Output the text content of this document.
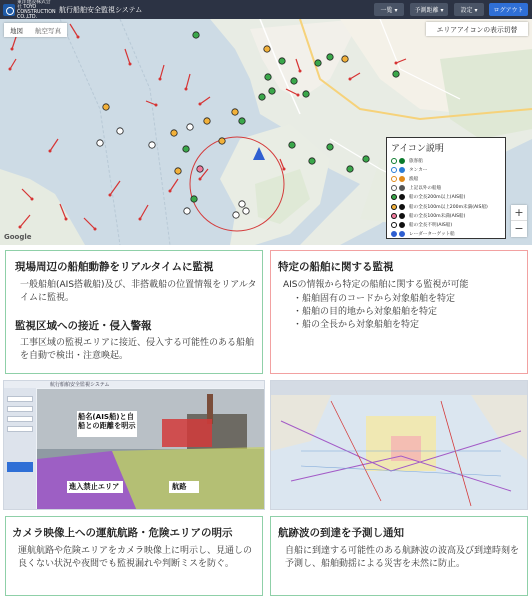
東洋建設株式会社 TOYO CONSTRUCTION CO.,LTD.
航行船舶安全監視システム	一覧 ▾	予測距離 ▾	設定 ▾	ログアウト
地図	航空写真	エリアアイコンの表示切替
アイコン説明
旅客船
タンカー
漁船
上記以外の船舶
船の全長200m以上(AIS船)
船の全長100m以上200m未満(AIS船)
船の全長100m未満(AIS船)
船の全長不明(AIS船)
レーダーターゲット船
+
−
Google
現場周辺の船舶動静をリアルタイムに監視
一般船舶(AIS搭載船)及び、非搭載船の位置情報をリアルタイムに監視。
監視区域への接近・侵入警報
工事区域の監視エリアに接近、侵入する可能性のある船舶を自動で検出・注意喚起。
特定の船舶に関する監視
AISの情報から特定の船舶に関する監視が可能
・船舶固有のコードから対象船舶を特定
・船舶の目的地から対象船舶を特定
・船の全長から対象船舶を特定
航行船舶安全監視システム
船名(AIS船)と自船との距離を明示
進入禁止エリア	航路
カメラ映像上への運航航路・危険エリアの明示
運航航路や危険エリアをカメラ映像上に明示し、見通しの良くない状況や夜間でも監視漏れや判断ミスを防ぐ。
航跡波の到達を予測し通知
自船に到達する可能性のある航跡波の波高及び到達時刻を予測し、船舶動揺による災害を未然に防止。
